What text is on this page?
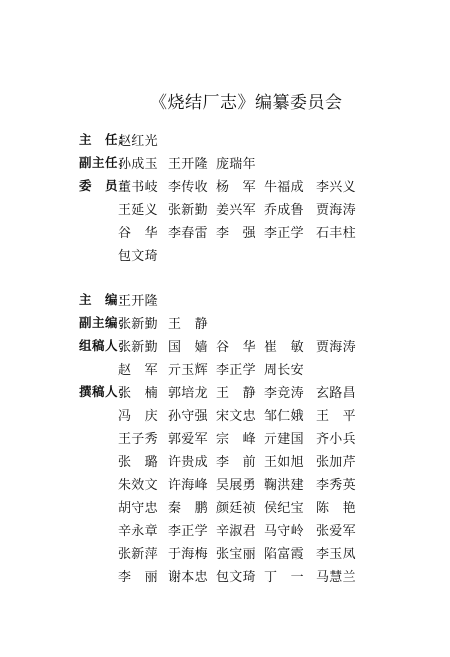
《烧结厂志》编纂委员会
主　任：
赵红光
副主任：
孙成玉 王开隆 庞瑞年
委　员：
董书岐 李传收 杨　军 牛福成 李兴义
王延义 张新勤 姜兴军 乔成鲁 贾海涛
谷　华 李春雷 李　强 李正学 石丰柱
包文琦
主　编：
王开隆
副主编：
张新勤 王　静
组稿人：
张新勤 国　嫱 谷　华 崔　敏 贾海涛
赵　军 亓玉辉 李正学 周长安
撰稿人：
张　楠 郭培龙 王　静 李竞涛 玄路昌
冯　庆 孙守强 宋文忠 邹仁娥 王　平
王子秀 郭爱军 宗　峰 亓建国 齐小兵
张　璐 许贵成 李　前 王如旭 张加芹
朱效文 许海峰 吴展勇 鞠洪建 李秀英
胡守忠 秦　鹏 颜廷祯 侯纪宝 陈　艳
辛永章 李正学 辛淑君 马守岭 张爱军
张新萍 于海梅 张宝丽 陷富霞 李玉凤
李　丽 谢本忠 包文琦 丁　一 马慧兰
